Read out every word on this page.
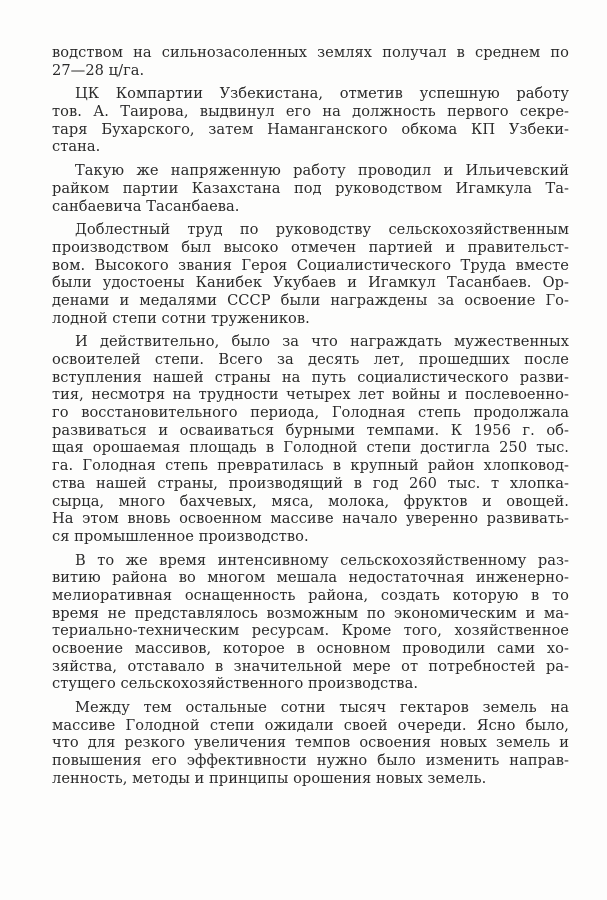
водством на сильнозасоленных землях получал в среднем по
27—28 ц/га.
ЦК Компартии Узбекистана, отметив успешную работу
тов. А. Таирова, выдвинул его на должность первого секре-
таря Бухарского, затем Наманганского обкома КП Узбеки-
стана.
Такую же напряженную работу проводил и Ильичевский
райком партии Казахстана под руководством Игамкула Та-
санбаевича Тасанбаева.
Доблестный труд по руководству сельскохозяйственным
производством был высоко отмечен партией и правительст-
вом. Высокого звания Героя Социалистического Труда вместе
были удостоены Канибек Укубаев и Игамкул Тасанбаев. Ор-
денами и медалями СССР были награждены за освоение Го-
лодной степи сотни тружеников.
И действительно, было за что награждать мужественных
освоителей степи. Всего за десять лет, прошедших после
вступления нашей страны на путь социалистического разви-
тия, несмотря на трудности четырех лет войны и послевоенно-
го восстановительного периода, Голодная степь продолжала
развиваться и осваиваться бурными темпами. К 1956 г. об-
щая орошаемая площадь в Голодной степи достигла 250 тыс.
га. Голодная степь превратилась в крупный район хлопковод-
ства нашей страны, производящий в год 260 тыс. т хлопка-
сырца, много бахчевых, мяса, молока, фруктов и овощей.
На этом вновь освоенном массиве начало уверенно развивать-
ся промышленное производство.
В то же время интенсивному сельскохозяйственному раз-
витию района во многом мешала недостаточная инженерно-
мелиоративная оснащенность района, создать которую в то
время не представлялось возможным по экономическим и ма-
териально-техническим ресурсам. Кроме того, хозяйственное
освоение массивов, которое в основном проводили сами хо-
зяйства, отставало в значительной мере от потребностей ра-
стущего сельскохозяйственного производства.
Между тем остальные сотни тысяч гектаров земель на
массиве Голодной степи ожидали своей очереди. Ясно было,
что для резкого увеличения темпов освоения новых земель и
повышения его эффективности нужно было изменить направ-
ленность, методы и принципы орошения новых земель.
